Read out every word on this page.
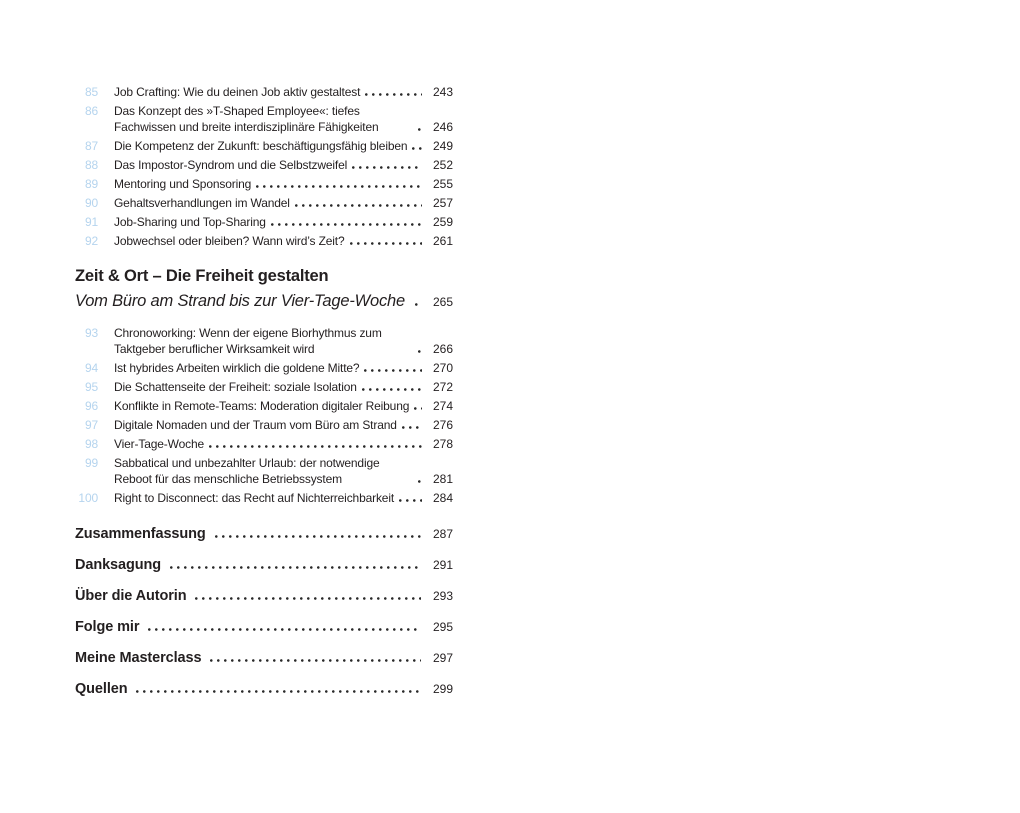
85 Job Crafting: Wie du deinen Job aktiv gestaltest	243
86 Das Konzept des »T-Shaped Employee«: tiefes Fachwissen und breite interdisziplinäre Fähigkeiten	246
87 Die Kompetenz der Zukunft: beschäftigungsfähig bleiben	249
88 Das Impostor-Syndrom und die Selbstzweifel	252
89 Mentoring und Sponsoring	255
90 Gehaltsverhandlungen im Wandel	257
91 Job-Sharing und Top-Sharing	259
92 Jobwechsel oder bleiben? Wann wird’s Zeit?	261
Zeit & Ort – Die Freiheit gestalten
Vom Büro am Strand bis zur Vier-Tage-Woche	265
93 Chronoworking: Wenn der eigene Biorhythmus zum Taktgeber beruflicher Wirksamkeit wird	266
94 Ist hybrides Arbeiten wirklich die goldene Mitte?	270
95 Die Schattenseite der Freiheit: soziale Isolation	272
96 Konflikte in Remote-Teams: Moderation digitaler Reibung	274
97 Digitale Nomaden und der Traum vom Büro am Strand	276
98 Vier-Tage-Woche	278
99 Sabbatical und unbezahlter Urlaub: der notwendige Reboot für das menschliche Betriebssystem	281
100 Right to Disconnect: das Recht auf Nichterreichbarkeit	284
Zusammenfassung	287
Danksagung	291
Über die Autorin	293
Folge mir	295
Meine Masterclass	297
Quellen	299
